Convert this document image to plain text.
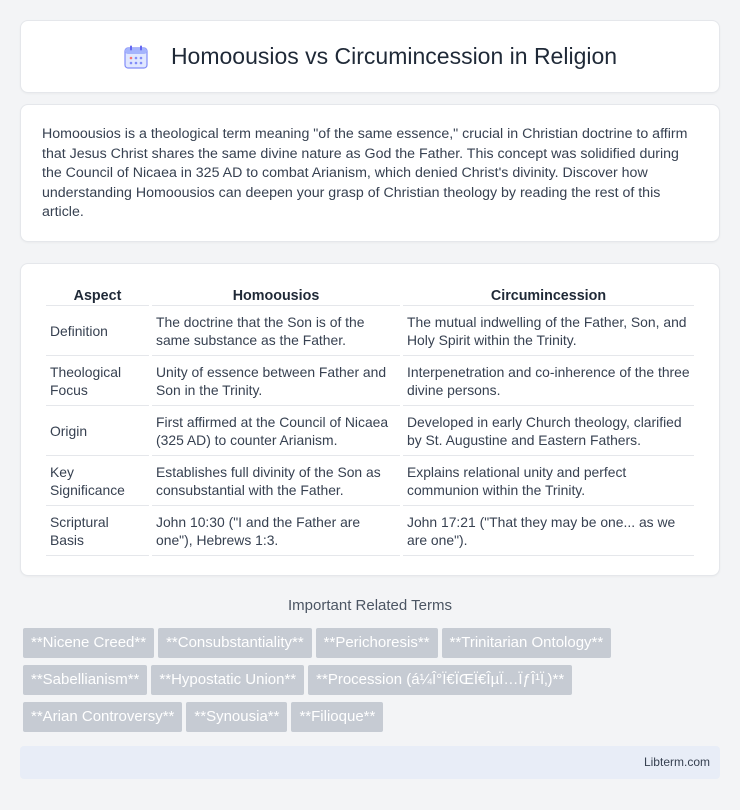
Homoousios vs Circumincession in Religion

Homoousios is a theological term meaning "of the same essence," crucial in Christian doctrine to affirm that Jesus Christ shares the same divine nature as God the Father. This concept was solidified during the Council of Nicaea in 325 AD to combat Arianism, which denied Christ's divinity. Discover how understanding Homoousios can deepen your grasp of Christian theology by reading the rest of this article.

Aspect	Homoousios	Circumincession
Definition	The doctrine that the Son is of the same substance as the Father.	The mutual indwelling of the Father, Son, and Holy Spirit within the Trinity.
Theological Focus	Unity of essence between Father and Son in the Trinity.	Interpenetration and co-inherence of the three divine persons.
Origin	First affirmed at the Council of Nicaea (325 AD) to counter Arianism.	Developed in early Church theology, clarified by St. Augustine and Eastern Fathers.
Key Significance	Establishes full divinity of the Son as consubstantial with the Father.	Explains relational unity and perfect communion within the Trinity.
Scriptural Basis	John 10:30 ("I and the Father are one"), Hebrews 1:3.	John 17:21 ("That they may be one... as we are one").
Important Related Terms
**Nicene Creed** **Consubstantiality** **Perichoresis** **Trinitarian Ontology**
**Sabellianism** **Hypostatic Union** **Procession (á¼Î°Ï€ÏŒÏ€ÎµÏ…ÏƒÎ¹Ï‚)**
**Arian Controversy** **Synousia** **Filioque**
Libterm.com
